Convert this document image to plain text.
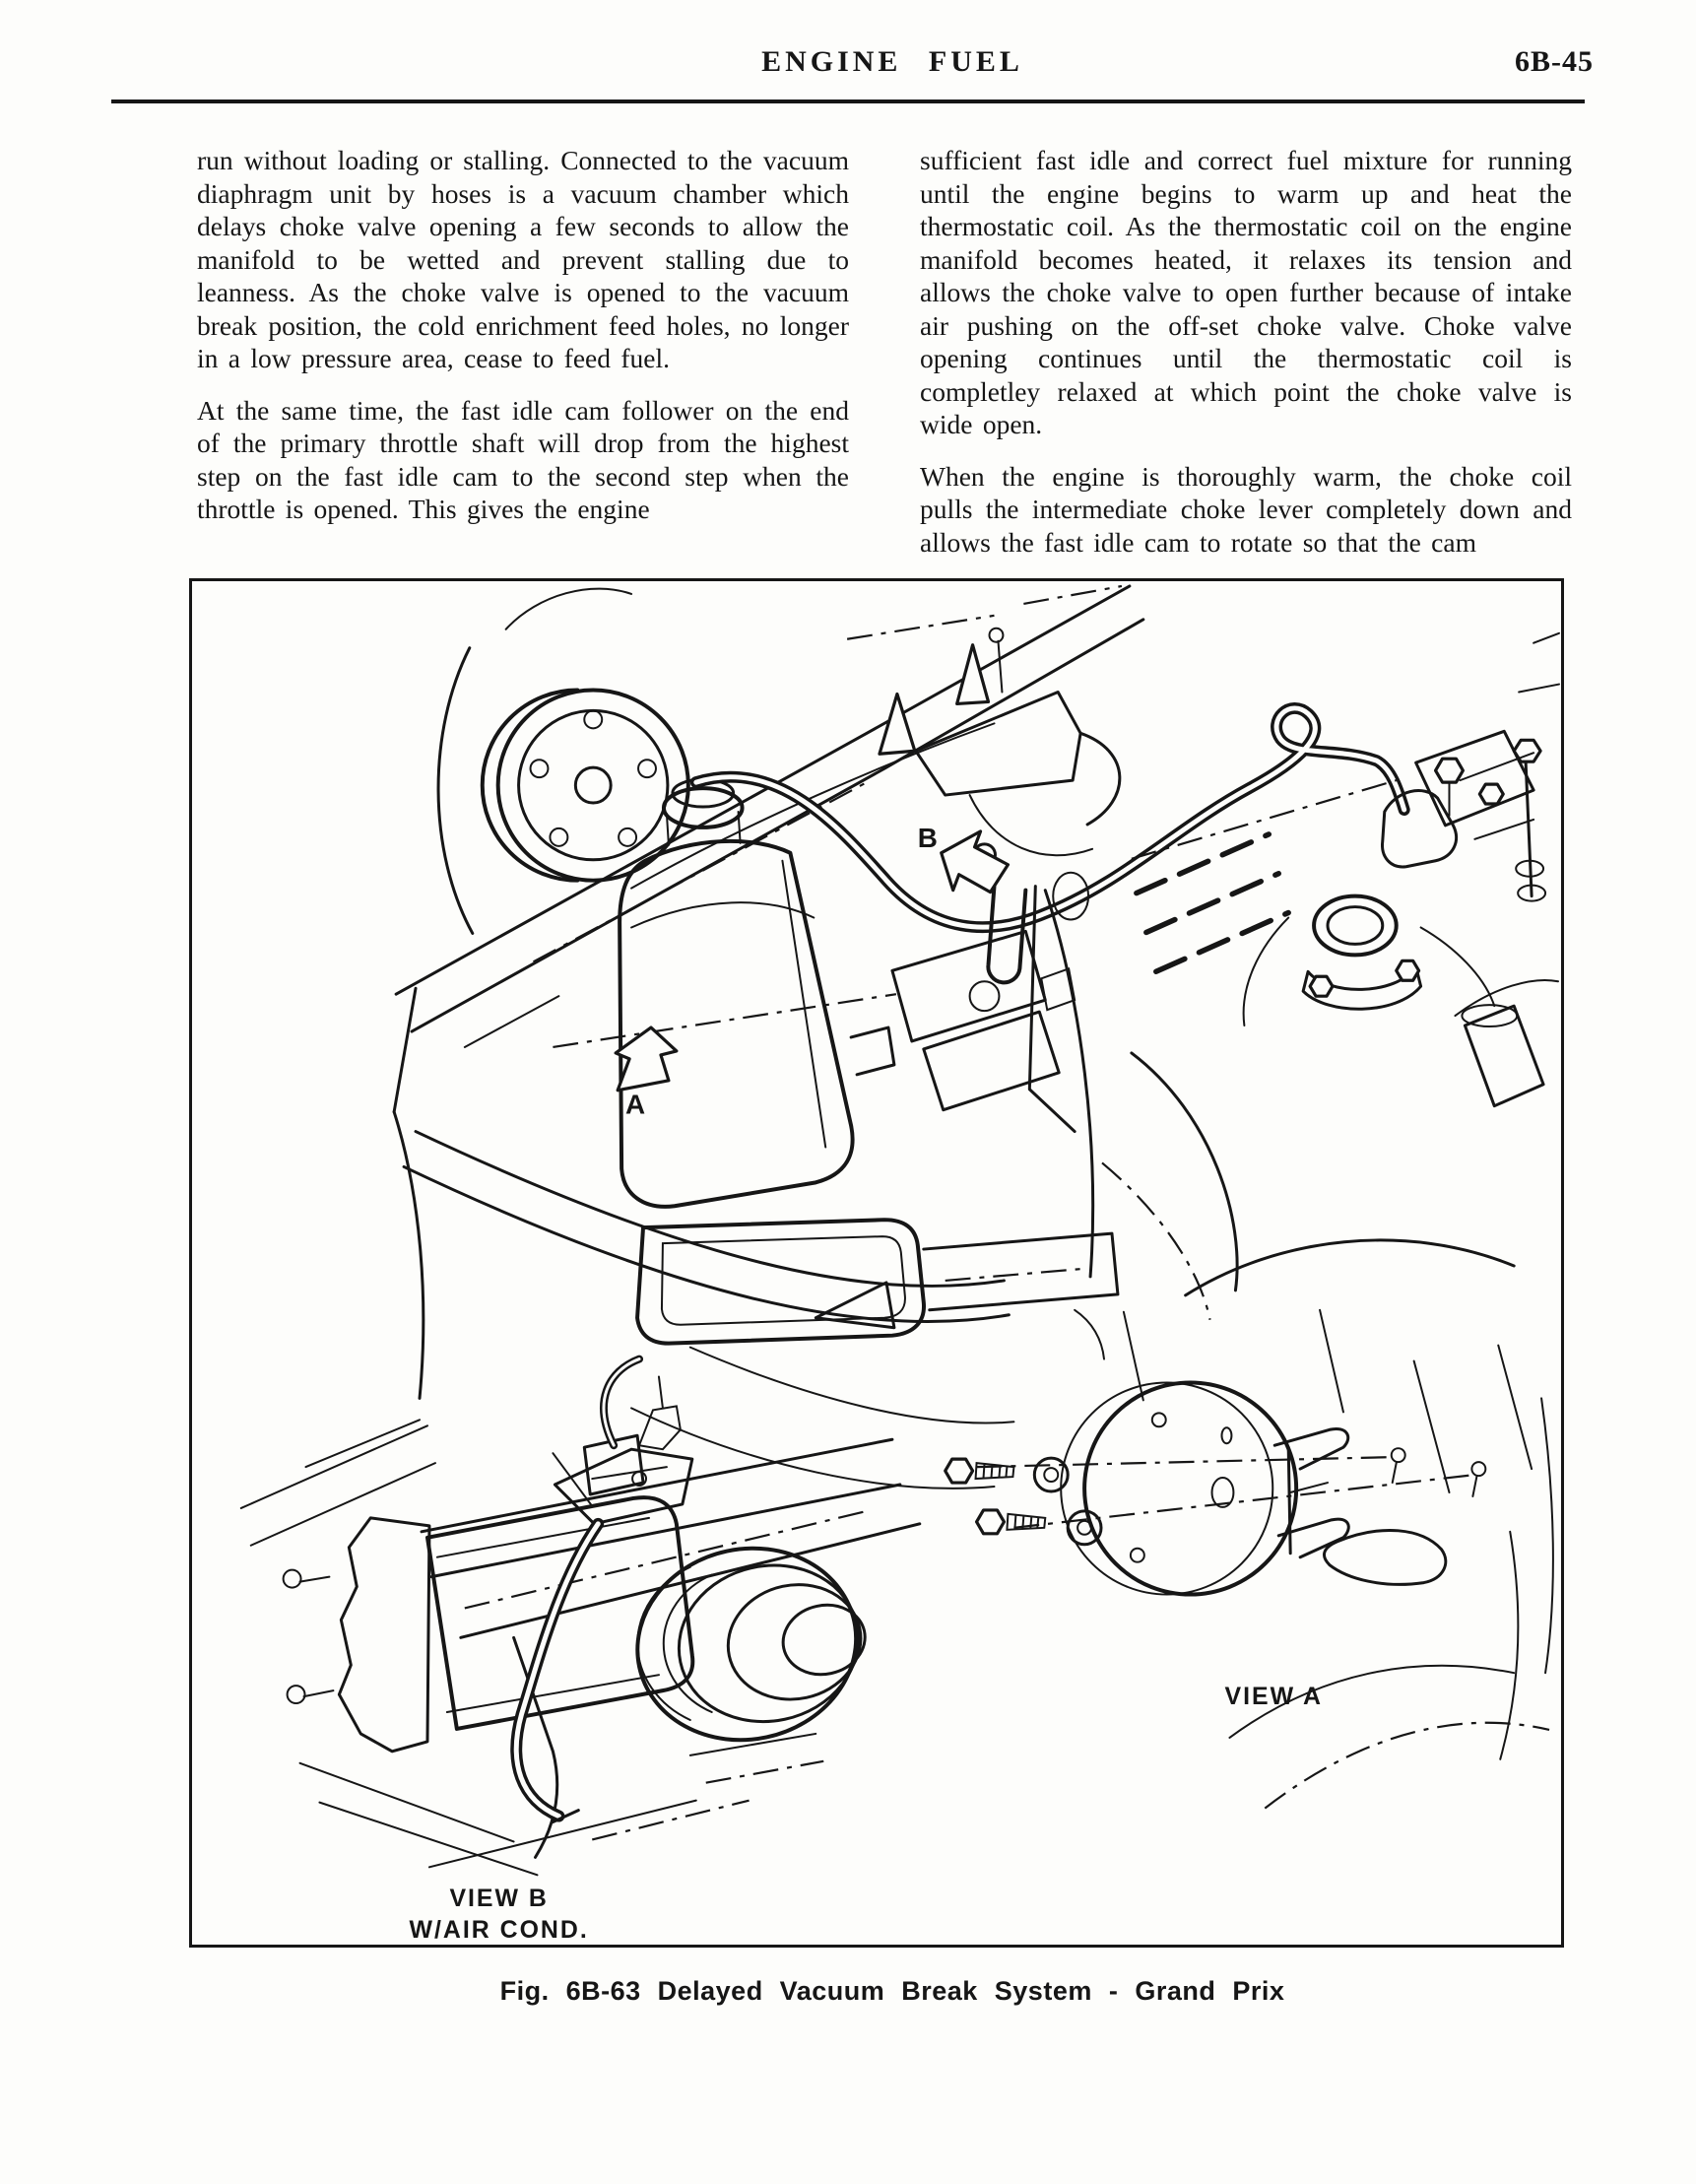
ENGINE FUEL	6B-45

run without loading or stalling. Connected to the vacuum diaphragm unit by hoses is a vacuum chamber which delays choke valve opening a few seconds to allow the manifold to be wetted and prevent stalling due to leanness. As the choke valve is opened to the vacuum break position, the cold enrichment feed holes, no longer in a low pressure area, cease to feed fuel.

At the same time, the fast idle cam follower on the end of the primary throttle shaft will drop from the highest step on the fast idle cam to the second step when the throttle is opened. This gives the engine

sufficient fast idle and correct fuel mixture for running until the engine begins to warm up and heat the thermostatic coil. As the thermostatic coil on the engine manifold becomes heated, it relaxes its tension and allows the choke valve to open further because of intake air pushing on the off-set choke valve. Choke valve opening continues until the thermostatic coil is completley relaxed at which point the choke valve is wide open.

When the engine is thoroughly warm, the choke coil pulls the intermediate choke lever completely down and allows the fast idle cam to rotate so that the cam

B
A
VIEW B
W/AIR COND.
VIEW A
Fig. 6B-63 Delayed Vacuum Break System - Grand Prix
